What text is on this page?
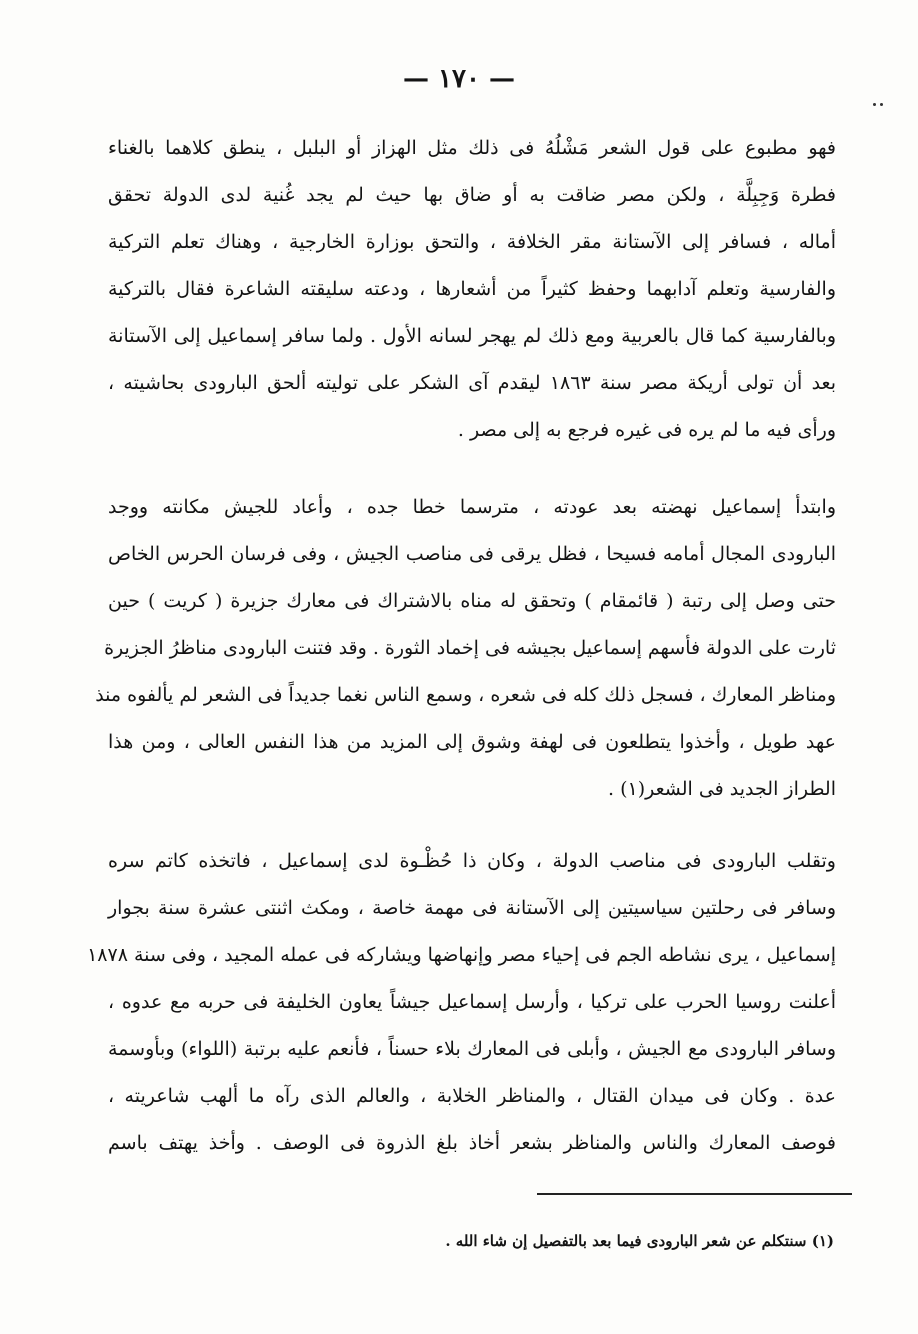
— ١٧٠ —
فهو مطبوع على قول الشعر مَشْلُهُ فى ذلك مثل الهزاز أو البلبل ، ينطق كلاهما بالغناء
فطرة وَجِبِلَّة ، ولكن مصر ضاقت به أو ضاق بها حيث لم يجد غُنية لدى الدولة تحقق
أماله ، فسافر إلى الآستانة مقر الخلافة ، والتحق بوزارة الخارجية ، وهناك تعلم التركية
والفارسية وتعلم آدابهما وحفظ كثيراً من أشعارها ، ودعته سليقته الشاعرة فقال بالتركية
وبالفارسية كما قال بالعربية ومع ذلك لم يهجر لسانه الأول . ولما سافر إسماعيل إلى الآستانة
بعد أن تولى أريكة مصر سنة ١٨٦٣ ليقدم آى الشكر على توليته ألحق البارودى بحاشيته ،
ورأى فيه ما لم يره فى غيره فرجع به إلى مصر .
وابتدأ إسماعيل نهضته بعد عودته ، مترسما خطا جده ، وأعاد للجيش مكانته ووجد
البارودى المجال أمامه فسيحا ، فظل يرقى فى مناصب الجيش ، وفى فرسان الحرس الخاص
حتى وصل إلى رتبة ( قائمقام ) وتحقق له مناه بالاشتراك فى معارك جزيرة ( كريت ) حين
ثارت على الدولة فأسهم إسماعيل بجيشه فى إخماد الثورة . وقد فتنت البارودى مناظرُ الجزيرة
ومناظر المعارك ، فسجل ذلك كله فى شعره ، وسمع الناس نغما جديداً فى الشعر لم يألفوه منذ
عهد طويل ، وأخذوا يتطلعون فى لهفة وشوق إلى المزيد من هذا النفس العالى ، ومن هذا
الطراز الجديد فى الشعر(١) .
وتقلب البارودى فى مناصب الدولة ، وكان ذا حُظْـوة لدى إسماعيل ، فاتخذه كاتم سره
وسافر فى رحلتين سياسيتين إلى الآستانة فى مهمة خاصة ، ومكث اثنتى عشرة سنة بجوار
إسماعيل ، يرى نشاطه الجم فى إحياء مصر وإنهاضها ويشاركه فى عمله المجيد ، وفى سنة ١٨٧٨
أعلنت روسيا الحرب على تركيا ، وأرسل إسماعيل جيشاً يعاون الخليفة فى حربه مع عدوه ،
وسافر البارودى مع الجيش ، وأبلى فى المعارك بلاء حسناً ، فأنعم عليه برتبة (اللواء) وبأوسمة
عدة . وكان فى ميدان القتال ، والمناظر الخلابة ، والعالم الذى رآه ما ألهب شاعريته ،
فوصف المعارك والناس والمناظر بشعر أخاذ بلغ الذروة فى الوصف . وأخذ يهتف باسم
(١) سنتكلم عن شعر البارودى فيما بعد بالتفصيل إن شاء الله .
